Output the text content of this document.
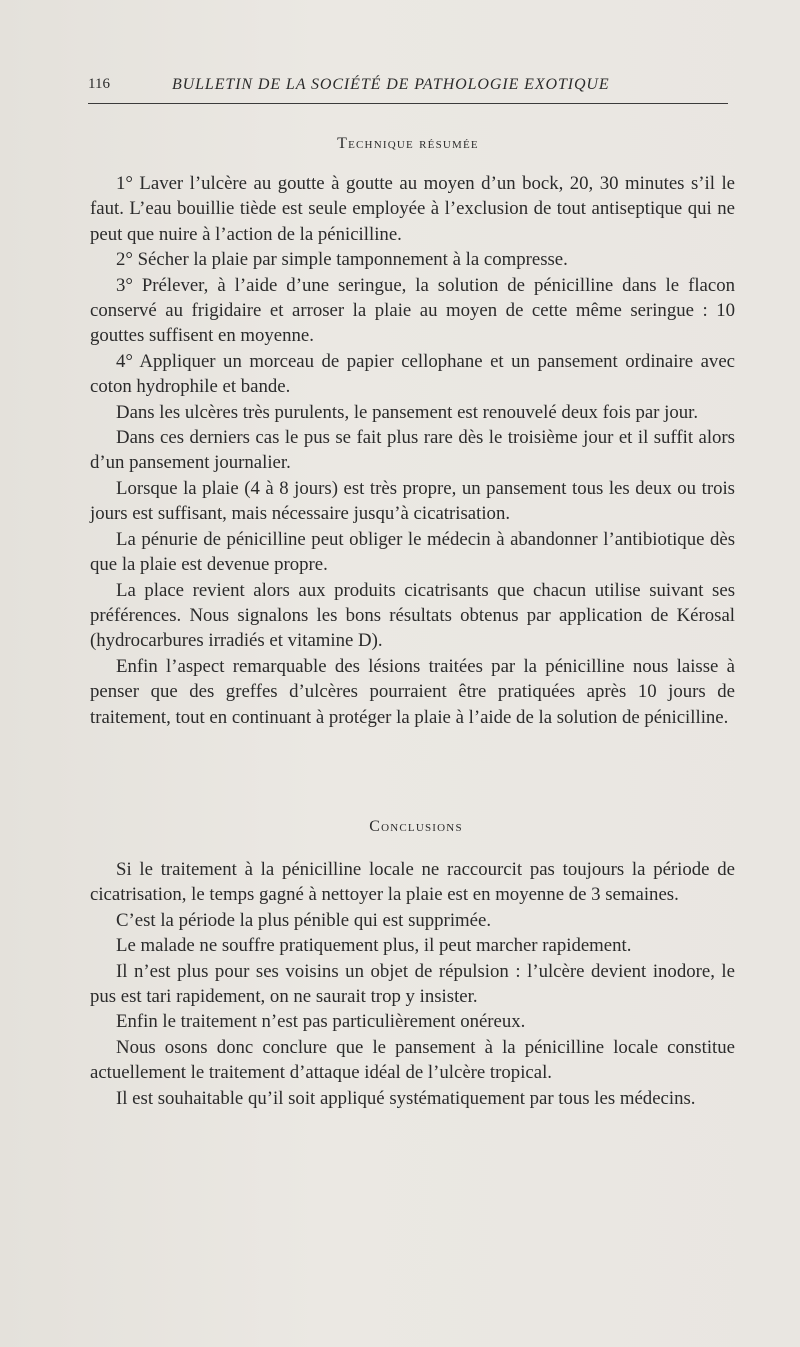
116	BULLETIN DE LA SOCIÉTÉ DE PATHOLOGIE EXOTIQUE
Technique résumée

1° Laver l’ulcère au goutte à goutte au moyen d’un bock, 20, 30 minutes s’il le faut. L’eau bouillie tiède est seule employée à l’exclusion de tout antiseptique qui ne peut que nuire à l’action de la pénicilline.

2° Sécher la plaie par simple tamponnement à la compresse.

3° Prélever, à l’aide d’une seringue, la solution de pénicilline dans le flacon conservé au frigidaire et arroser la plaie au moyen de cette même seringue : 10 gouttes suffisent en moyenne.

4° Appliquer un morceau de papier cellophane et un pansement ordinaire avec coton hydrophile et bande.

Dans les ulcères très purulents, le pansement est renouvelé deux fois par jour.

Dans ces derniers cas le pus se fait plus rare dès le troisième jour et il suffit alors d’un pansement journalier.

Lorsque la plaie (4 à 8 jours) est très propre, un pansement tous les deux ou trois jours est suffisant, mais nécessaire jusqu’à cicatrisation.

La pénurie de pénicilline peut obliger le médecin à abandonner l’antibiotique dès que la plaie est devenue propre.

La place revient alors aux produits cicatrisants que chacun utilise suivant ses préférences. Nous signalons les bons résultats obtenus par application de Kérosal (hydrocarbures irradiés et vitamine D).

Enfin l’aspect remarquable des lésions traitées par la pénicilline nous laisse à penser que des greffes d’ulcères pourraient être pratiquées après 10 jours de traitement, tout en continuant à protéger la plaie à l’aide de la solution de pénicilline.

Conclusions

Si le traitement à la pénicilline locale ne raccourcit pas toujours la période de cicatrisation, le temps gagné à nettoyer la plaie est en moyenne de 3 semaines.

C’est la période la plus pénible qui est supprimée.

Le malade ne souffre pratiquement plus, il peut marcher rapidement.

Il n’est plus pour ses voisins un objet de répulsion : l’ulcère devient inodore, le pus est tari rapidement, on ne saurait trop y insister.

Enfin le traitement n’est pas particulièrement onéreux.

Nous osons donc conclure que le pansement à la pénicilline locale constitue actuellement le traitement d’attaque idéal de l’ulcère tropical.

Il est souhaitable qu’il soit appliqué systématiquement par tous les médecins.
